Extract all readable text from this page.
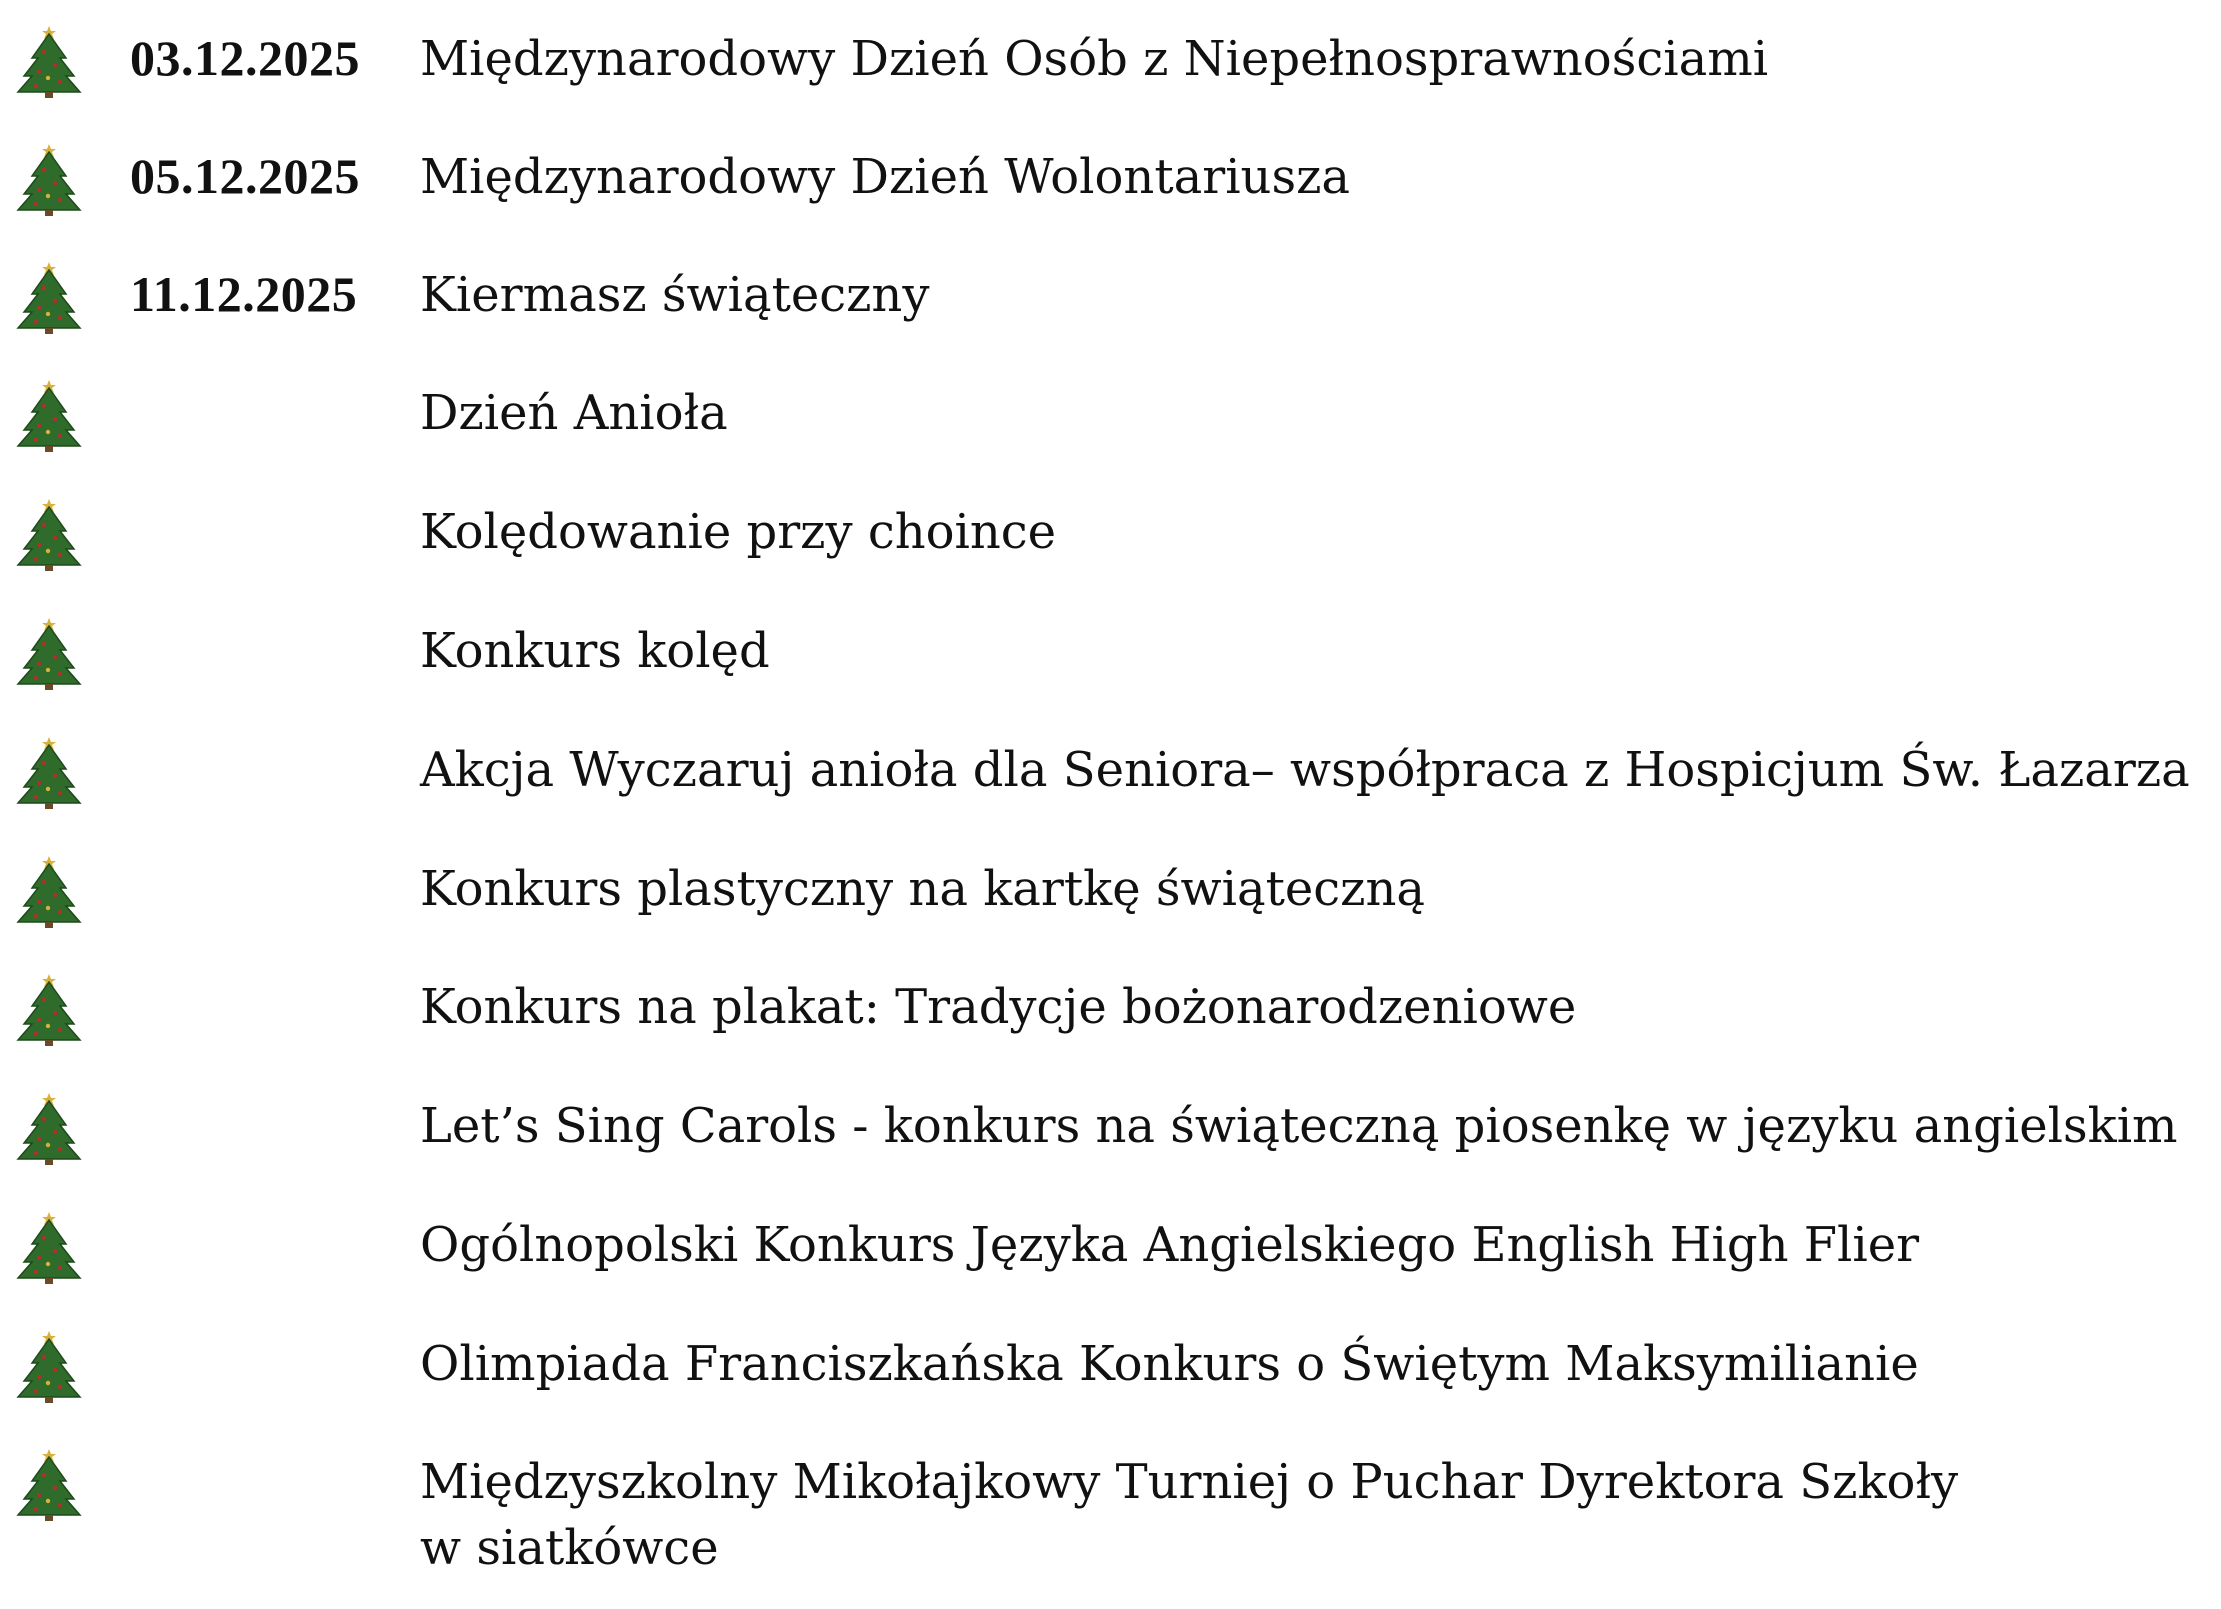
03.12.2025 Międzynarodowy Dzień Osób z Niepełnosprawnościami
05.12.2025 Międzynarodowy Dzień Wolontariusza
11.12.2025 Kiermasz świąteczny
Dzień Anioła
Kolędowanie przy choince
Konkurs kolęd
Akcja Wyczaruj anioła dla Seniora– współpraca z Hospicjum Św. Łazarza
Konkurs plastyczny na kartkę świąteczną
Konkurs na plakat: Tradycje bożonarodzeniowe
Let’s Sing Carols - konkurs na świąteczną piosenkę w języku angielskim
Ogólnopolski Konkurs Języka Angielskiego English High Flier
Olimpiada Franciszkańska Konkurs o Świętym Maksymilianie
Międzyszkolny Mikołajkowy Turniej o Puchar Dyrektora Szkoły
w siatkówce
